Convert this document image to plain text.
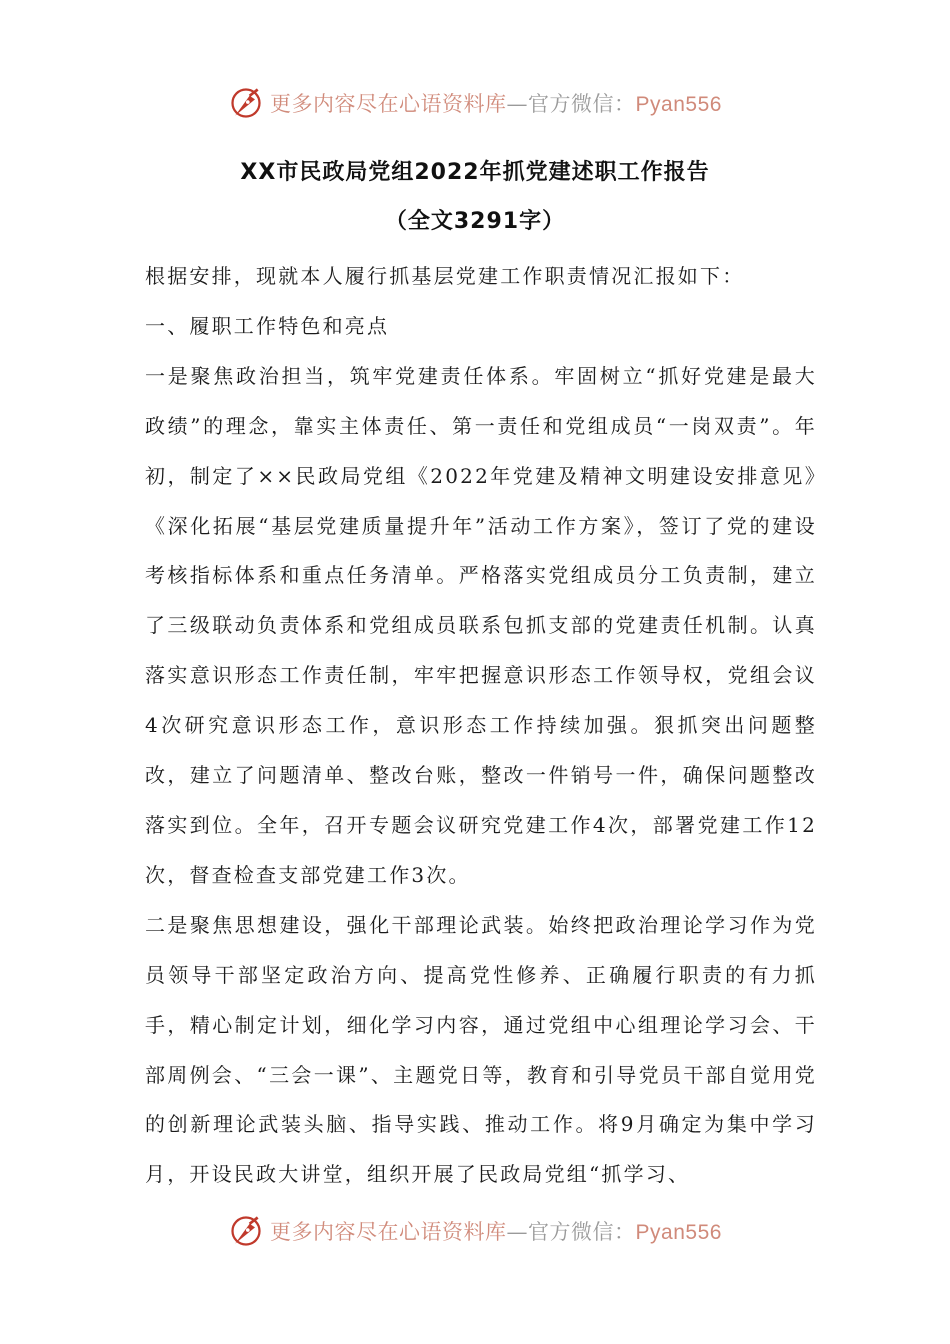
更多内容尽在心语资料库—官方微信：Pyan556
XX市民政局党组2022年抓党建述职工作报告
（全文3291字）

根据安排，现就本人履行抓基层党建工作职责情况汇报如下：

一、履职工作特色和亮点

一是聚焦政治担当，筑牢党建责任体系。牢固树立“抓好党建是最大政绩”的理念，靠实主体责任、第一责任和党组成员“一岗双责”。年初，制定了××民政局党组《2022年党建及精神文明建设安排意见》《深化拓展“基层党建质量提升年”活动工作方案》，签订了党的建设考核指标体系和重点任务清单。严格落实党组成员分工负责制，建立了三级联动负责体系和党组成员联系包抓支部的党建责任机制。认真落实意识形态工作责任制，牢牢把握意识形态工作领导权，党组会议4次研究意识形态工作，意识形态工作持续加强。狠抓突出问题整改，建立了问题清单、整改台账，整改一件销号一件，确保问题整改落实到位。全年，召开专题会议研究党建工作4次，部署党建工作12次，督查检查支部党建工作3次。

二是聚焦思想建设，强化干部理论武装。始终把政治理论学习作为党员领导干部坚定政治方向、提高党性修养、正确履行职责的有力抓手，精心制定计划，细化学习内容，通过党组中心组理论学习会、干部周例会、“三会一课”、主题党日等，教育和引导党员干部自觉用党的创新理论武装头脑、指导实践、推动工作。将9月确定为集中学习月，开设民政大讲堂，组织开展了民政局党组“抓学习、

更多内容尽在心语资料库—官方微信：Pyan556
